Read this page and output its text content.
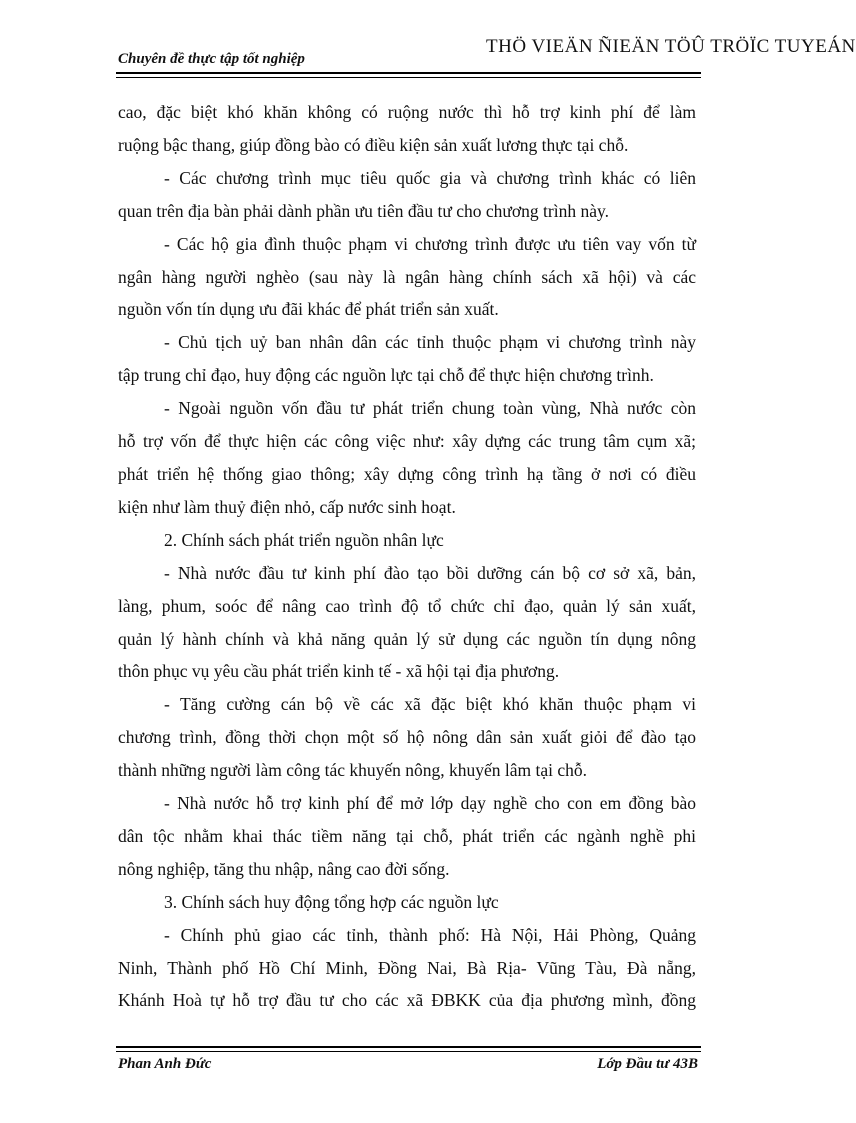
THÖ VIEÄN ÑIEÄN TÖÛ TRÖÏC TUYEÁN
Chuyên đề thực tập tốt nghiệp

cao, đặc biệt khó khăn không có ruộng nước thì hỗ trợ kinh phí để làm

ruộng bậc thang, giúp đồng bào có điều kiện sản xuất lương thực tại chỗ.

- Các chương trình mục tiêu quốc gia và chương trình khác có liên

quan trên địa bàn phải dành phần ưu tiên đầu tư cho chương trình này.

- Các hộ gia đình thuộc phạm vi chương trình được ưu tiên vay vốn từ

ngân hàng người nghèo (sau này là ngân hàng chính sách xã hội) và các

nguồn vốn tín dụng ưu đãi khác để phát triển sản xuất.

- Chủ tịch uỷ ban nhân dân các tỉnh thuộc phạm vi chương trình này

tập trung chỉ đạo, huy động các nguồn lực tại chỗ để thực hiện chương trình.

- Ngoài nguồn vốn đầu tư phát triển chung toàn vùng, Nhà nước còn

hỗ trợ vốn để thực hiện các công việc như: xây dựng các trung tâm cụm xã;

phát triển hệ thống giao thông; xây dựng công trình hạ tầng ở nơi có điều

kiện như làm thuỷ điện nhỏ, cấp nước sinh hoạt.

2. Chính sách phát triển nguồn nhân lực

- Nhà nước đầu tư kinh phí đào tạo bồi dưỡng cán bộ cơ sở xã, bản,

làng, phum, soóc để nâng cao trình độ tổ chức chỉ đạo, quản lý sản xuất,

quản lý hành chính và khả năng quản lý sử dụng các nguồn tín dụng nông

thôn phục vụ yêu cầu phát triển kinh tế - xã hội tại địa phương.

- Tăng cường cán bộ về các xã đặc biệt khó khăn thuộc phạm vi

chương trình, đồng thời chọn một số hộ nông dân sản xuất giỏi để đào tạo

thành những người làm công tác khuyến nông, khuyến lâm tại chỗ.

- Nhà nước hỗ trợ kinh phí để mở lớp dạy nghề cho con em đồng bào

dân tộc nhằm khai thác tiềm năng tại chỗ, phát triển các ngành nghề phi

nông nghiệp, tăng thu nhập, nâng cao đời sống.

3. Chính sách huy động tổng hợp các nguồn lực

- Chính phủ giao các tỉnh, thành phố: Hà Nội, Hải Phòng, Quảng

Ninh, Thành phố Hồ Chí Minh, Đồng Nai, Bà Rịa- Vũng Tàu, Đà nẵng,

Khánh Hoà tự hỗ trợ đầu tư cho các xã ĐBKK của địa phương mình, đồng

Phan Anh Đức	Lớp Đầu tư 43B
